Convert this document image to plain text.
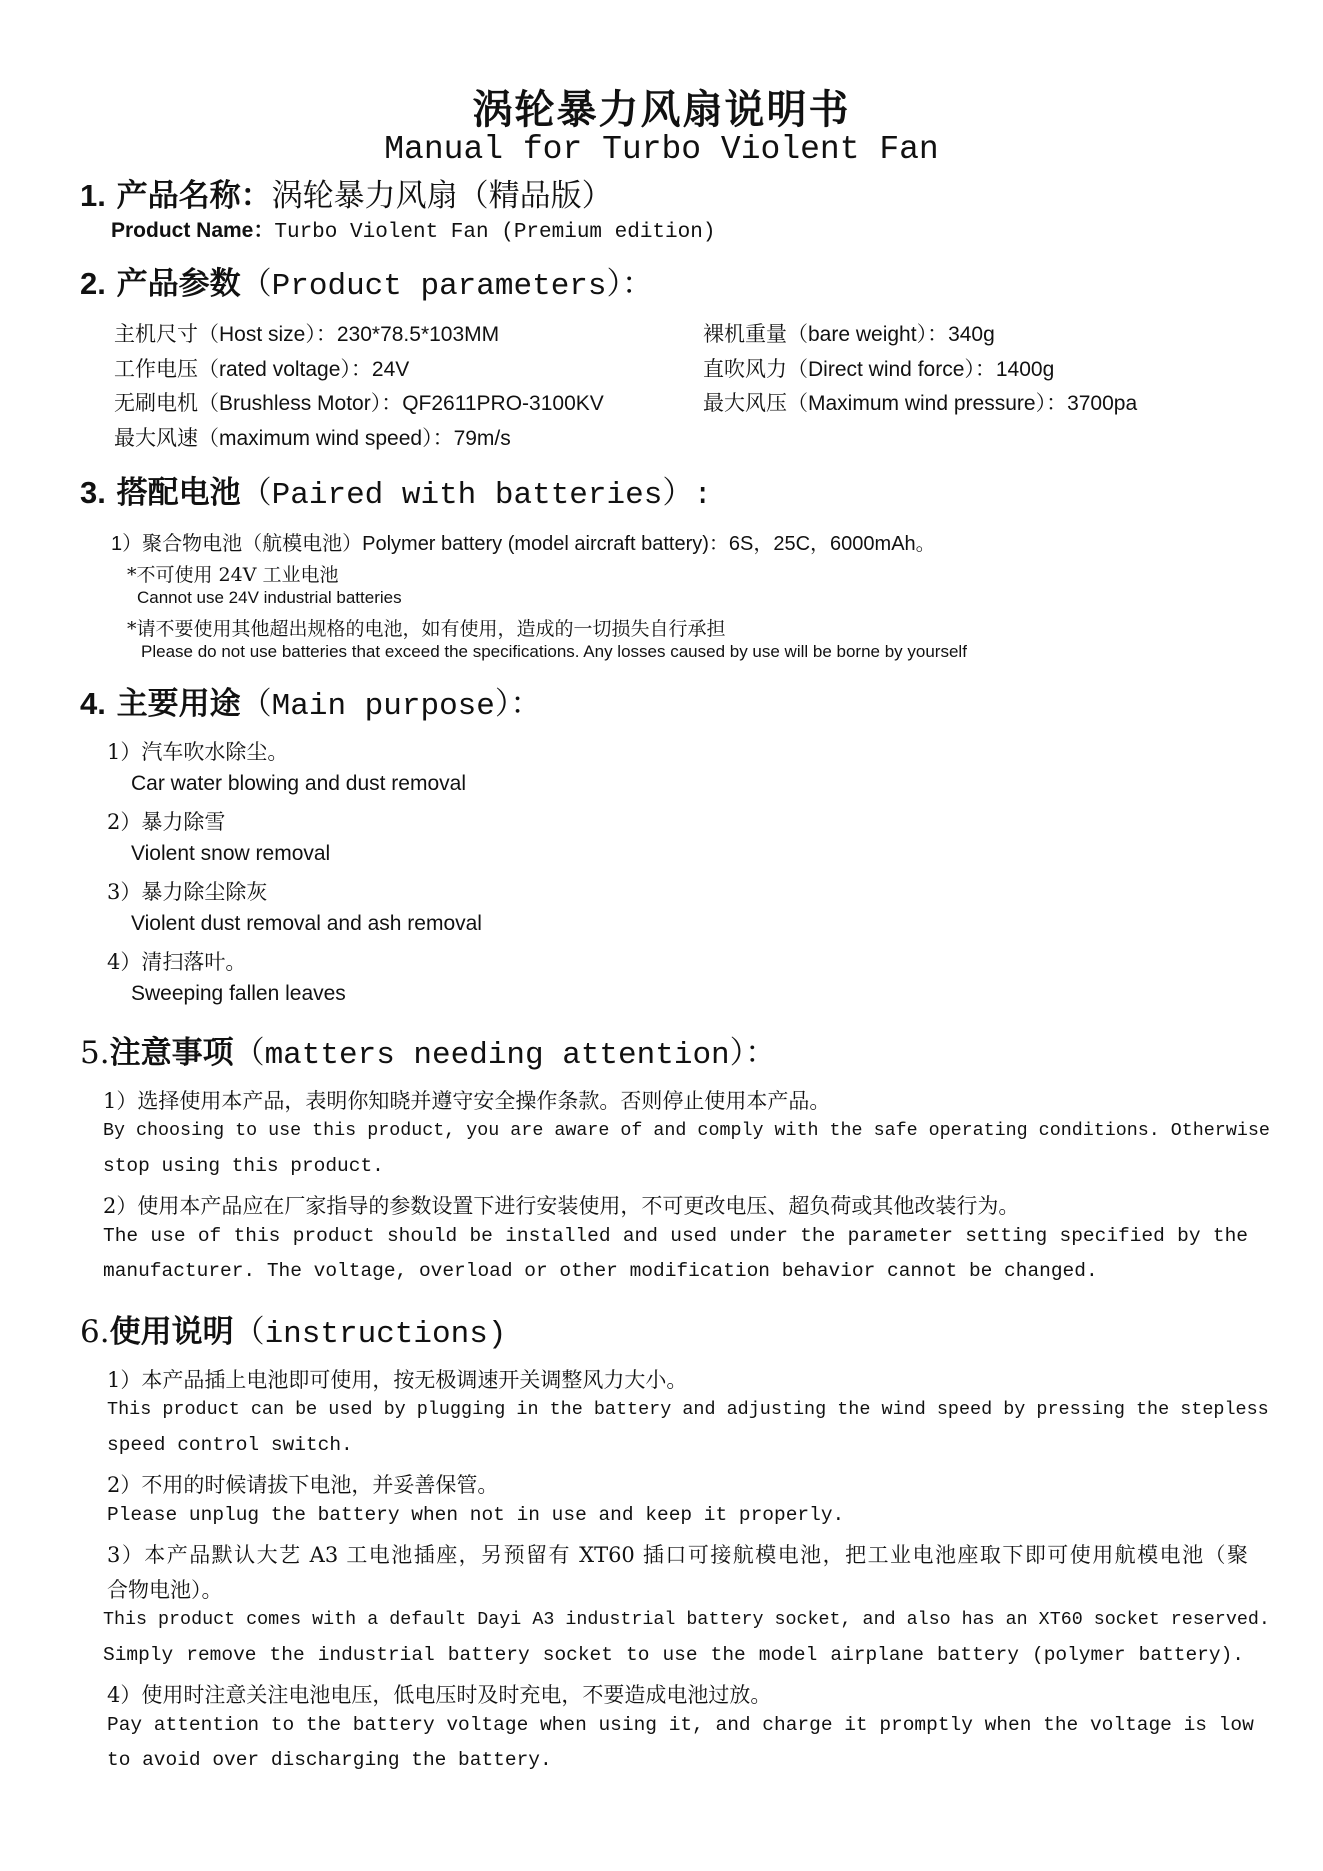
涡轮暴力风扇说明书
Manual for Turbo Violent Fan
1. 产品名称：涡轮暴力风扇（精品版）
Product Name：Turbo Violent Fan (Premium edition)
2. 产品参数（Product parameters）：
主机尺寸（Host size）：230*78.5*103MM	裸机重量（bare weight）：340g
工作电压（rated voltage）：24V	直吹风力（Direct wind force）：1400g
无刷电机（Brushless Motor）：QF2611PRO-3100KV	最大风压（Maximum wind pressure）：3700pa
最大风速（maximum wind speed）：79m/s
3. 搭配电池（Paired with batteries）:
1）聚合物电池（航模电池）Polymer battery (model aircraft battery)：6S，25C，6000mAh。
*不可使用 24V 工业电池
Cannot use 24V industrial batteries
*请不要使用其他超出规格的电池，如有使用，造成的一切损失自行承担
Please do not use batteries that exceed the specifications. Any losses caused by use will be borne by yourself
4. 主要用途（Main purpose）：
1）汽车吹水除尘。
Car water blowing and dust removal
2）暴力除雪
Violent snow removal
3）暴力除尘除灰
Violent dust removal and ash removal
4）清扫落叶。
Sweeping fallen leaves
5.注意事项（matters needing attention）：
1）选择使用本产品，表明你知晓并遵守安全操作条款。否则停止使用本产品。
By choosing to use this product, you are aware of and comply with the safe operating conditions. Otherwise
stop using this product.
2）使用本产品应在厂家指导的参数设置下进行安装使用，不可更改电压、超负荷或其他改装行为。
The use of this product should be installed and used under the parameter setting specified by the
manufacturer. The voltage, overload or other modification behavior cannot be changed.
6.使用说明（instructions)
1）本产品插上电池即可使用，按无极调速开关调整风力大小。
This product can be used by plugging in the battery and adjusting the wind speed by pressing the stepless
speed control switch.
2）不用的时候请拔下电池，并妥善保管。
Please unplug the battery when not in use and keep it properly.
3）本产品默认大艺 A3 工电池插座，另预留有 XT60 插口可接航模电池，把工业电池座取下即可使用航模电池（聚
合物电池）。
This product comes with a default Dayi A3 industrial battery socket, and also has an XT60 socket reserved.
Simply remove the industrial battery socket to use the model airplane battery (polymer battery).
4）使用时注意关注电池电压，低电压时及时充电，不要造成电池过放。
Pay attention to the battery voltage when using it, and charge it promptly when the voltage is low
to avoid over discharging the battery.
